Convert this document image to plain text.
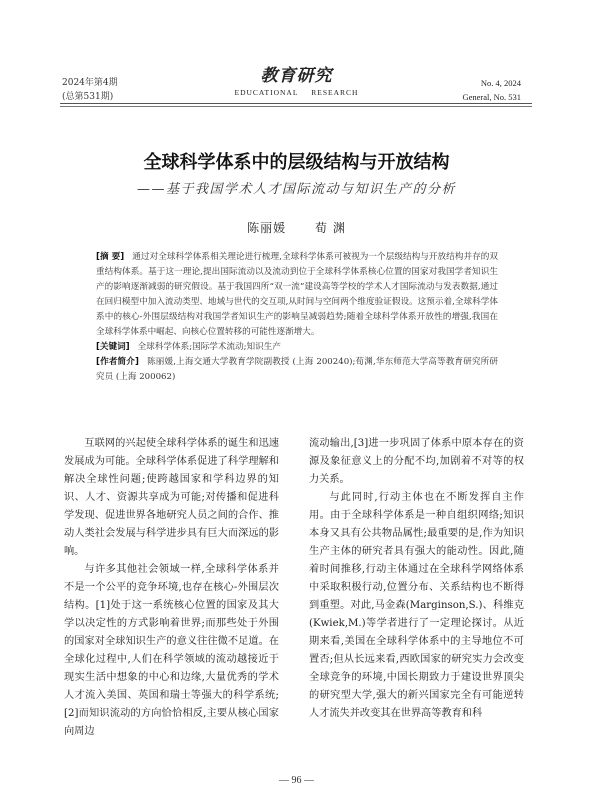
2024年第4期
(总第531期)
教育研究
EDUCATIONAL RESEARCH
No. 4, 2024
General, No. 531
全球科学体系中的层级结构与开放结构
——基于我国学术人才国际流动与知识生产的分析
陈丽媛 荀 渊

[摘 要] 通过对全球科学体系相关理论进行梳理,全球科学体系可被视为一个层级结构与开放结构并存的双重结构体系。基于这一理论,提出国际流动以及流动到位于全球科学体系核心位置的国家对我国学者知识生产的影响逐渐减弱的研究假设。基于我国四所“双一流”建设高等学校的学术人才国际流动与发表数据,通过在回归模型中加入流动类型、地域与世代的交互项,从时间与空间两个维度验证假设。这预示着,全球科学体系中的核心-外围层级结构对我国学者知识生产的影响呈减弱趋势;随着全球科学体系开放性的增强,我国在全球科学体系中崛起、向核心位置转移的可能性逐渐增大。

[关键词] 全球科学体系;国际学术流动;知识生产

[作者简介] 陈丽媛,上海交通大学教育学院副教授 (上海 200240);荀渊,华东师范大学高等教育研究所研究员 (上海 200062)

互联网的兴起使全球科学体系的诞生和迅速发展成为可能。全球科学体系促进了科学理解和解决全球性问题;使跨越国家和学科边界的知识、人才、资源共享成为可能;对传播和促进科学发现、促进世界各地研究人员之间的合作、推动人类社会发展与科学进步具有巨大而深远的影响。

与许多其他社会领域一样,全球科学体系并不是一个公平的竞争环境,也存在核心-外围层次结构。[1]处于这一系统核心位置的国家及其大学以决定性的方式影响着世界;而那些处于外围的国家对全球知识生产的意义往往微不足道。在全球化过程中,人们在科学领域的流动越接近于现实生活中想象的中心和边缘,大量优秀的学术人才流入美国、英国和瑞士等强大的科学系统;[2]而知识流动的方向恰恰相反,主要从核心国家向周边

流动输出,[3]进一步巩固了体系中原本存在的资源及象征意义上的分配不均,加剧着不对等的权力关系。

与此同时,行动主体也在不断发挥自主作用。由于全球科学体系是一种自组织网络;知识本身又具有公共物品属性;最重要的是,作为知识生产主体的研究者具有强大的能动性。因此,随着时间推移,行动主体通过在全球科学网络体系中采取积极行动,位置分布、关系结构也不断得到重塑。对此,马金森(Marginson,S.)、科维克(Kwiek,M.)等学者进行了一定理论探讨。从近期来看,美国在全球科学体系中的主导地位不可置否;但从长远来看,西欧国家的研究实力会改变全球竞争的环境,中国长期致力于建设世界顶尖的研究型大学,强大的新兴国家完全有可能逆转人才流失并改变其在世界高等教育和科

— 96 —
